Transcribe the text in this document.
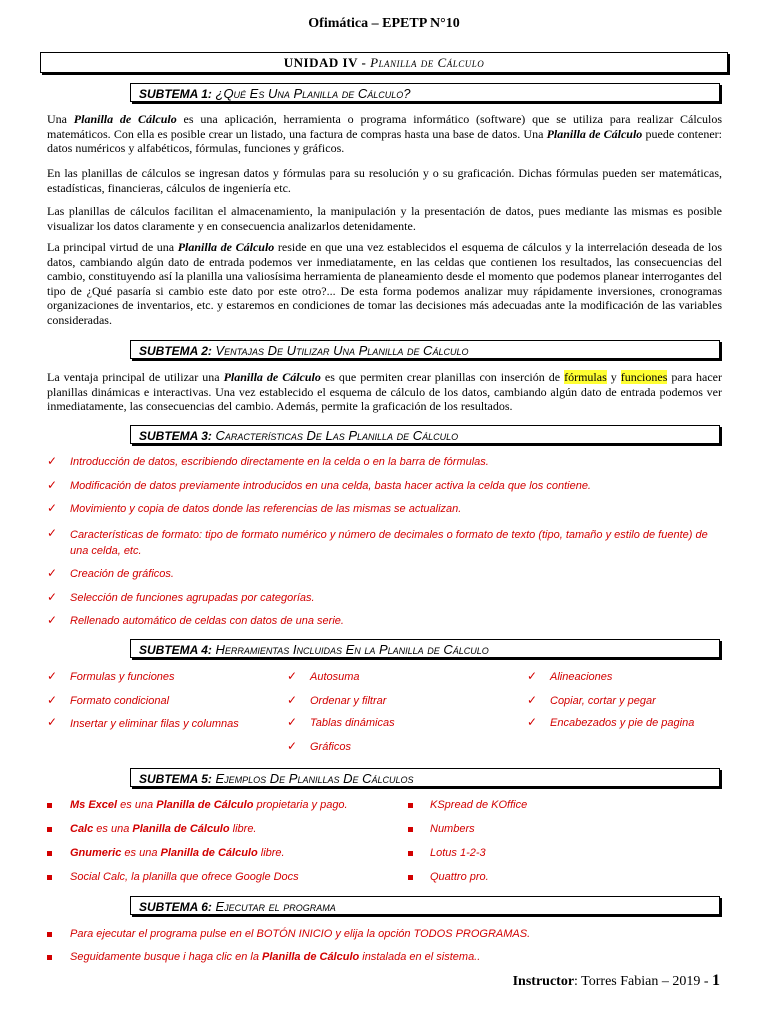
Ofimática – EPETP N°10
UNIDAD IV - Planilla de Cálculo
SUBTEMA 1: ¿Qué Es Una Planilla de Cálculo?

Una Planilla de Cálculo es una aplicación, herramienta o programa informático (software) que se utiliza para realizar Cálculos matemáticos. Con ella es posible crear un listado, una factura de compras hasta una base de datos. Una Planilla de Cálculo puede contener: datos numéricos y alfabéticos, fórmulas, funciones y gráficos.

En las planillas de cálculos se ingresan datos y fórmulas para su resolución y o su graficación. Dichas fórmulas pueden ser matemáticas, estadísticas, financieras, cálculos de ingeniería etc.

Las planillas de cálculos facilitan el almacenamiento, la manipulación y la presentación de datos, pues mediante las mismas es posible visualizar los datos claramente y en consecuencia analizarlos detenidamente.

La principal virtud de una Planilla de Cálculo reside en que una vez establecidos el esquema de cálculos y la interrelación deseada de los datos, cambiando algún dato de entrada podemos ver inmediatamente, en las celdas que contienen los resultados, las consecuencias del cambio, constituyendo así la planilla una valiosísima herramienta de planeamiento desde el momento que podemos planear interrogantes del tipo de ¿Qué pasaría si cambio este dato por este otro?... De esta forma podemos analizar muy rápidamente inversiones, cronogramas organizaciones de inventarios, etc. y estaremos en condiciones de tomar las decisiones más adecuadas ante la modificación de las variables consideradas.

SUBTEMA 2: Ventajas De Utilizar Una Planilla de Cálculo

La ventaja principal de utilizar una Planilla de Cálculo es que permiten crear planillas con inserción de fórmulas y funciones para hacer planillas dinámicas e interactivas. Una vez establecido el esquema de cálculo de los datos, cambiando algún dato de entrada podemos ver inmediatamente, las consecuencias del cambio. Además, permite la graficación de los resultados.

SUBTEMA 3: Características De Las Planilla de Cálculo
✓ Introducción de datos, escribiendo directamente en la celda o en la barra de fórmulas.
✓ Modificación de datos previamente introducidos en una celda, basta hacer activa la celda que los contiene.
✓ Movimiento y copia de datos donde las referencias de las mismas se actualizan.
✓ Características de formato: tipo de formato numérico y número de decimales o formato de texto (tipo, tamaño y estilo de fuente) de una celda, etc.
✓ Creación de gráficos.
✓ Selección de funciones agrupadas por categorías.
✓ Rellenado automático de celdas con datos de una serie.
SUBTEMA 4: Herramientas Incluidas En la Planilla de Cálculo
✓ Formulas y funciones
✓ Formato condicional
✓ Insertar y eliminar filas y columnas
✓ Autosuma
✓ Ordenar y filtrar
✓ Tablas dinámicas
✓ Gráficos
✓ Alineaciones
✓ Copiar, cortar y pegar
✓ Encabezados y pie de pagina
SUBTEMA 5: Ejemplos De Planillas De Cálculos
Ms Excel es una Planilla de Cálculo propietaria y pago.
Calc es una Planilla de Cálculo libre.
Gnumeric es una Planilla de Cálculo libre.
Social Calc, la planilla que ofrece Google Docs
KSpread de KOffice
Numbers
Lotus 1-2-3
Quattro pro.
SUBTEMA 6: Ejecutar el programa
Para ejecutar el programa pulse en el BOTÓN INICIO y elija la opción TODOS PROGRAMAS.
Seguidamente busque i haga clic en la Planilla de Cálculo instalada en el sistema..
Instructor: Torres Fabian – 2019 - 1
